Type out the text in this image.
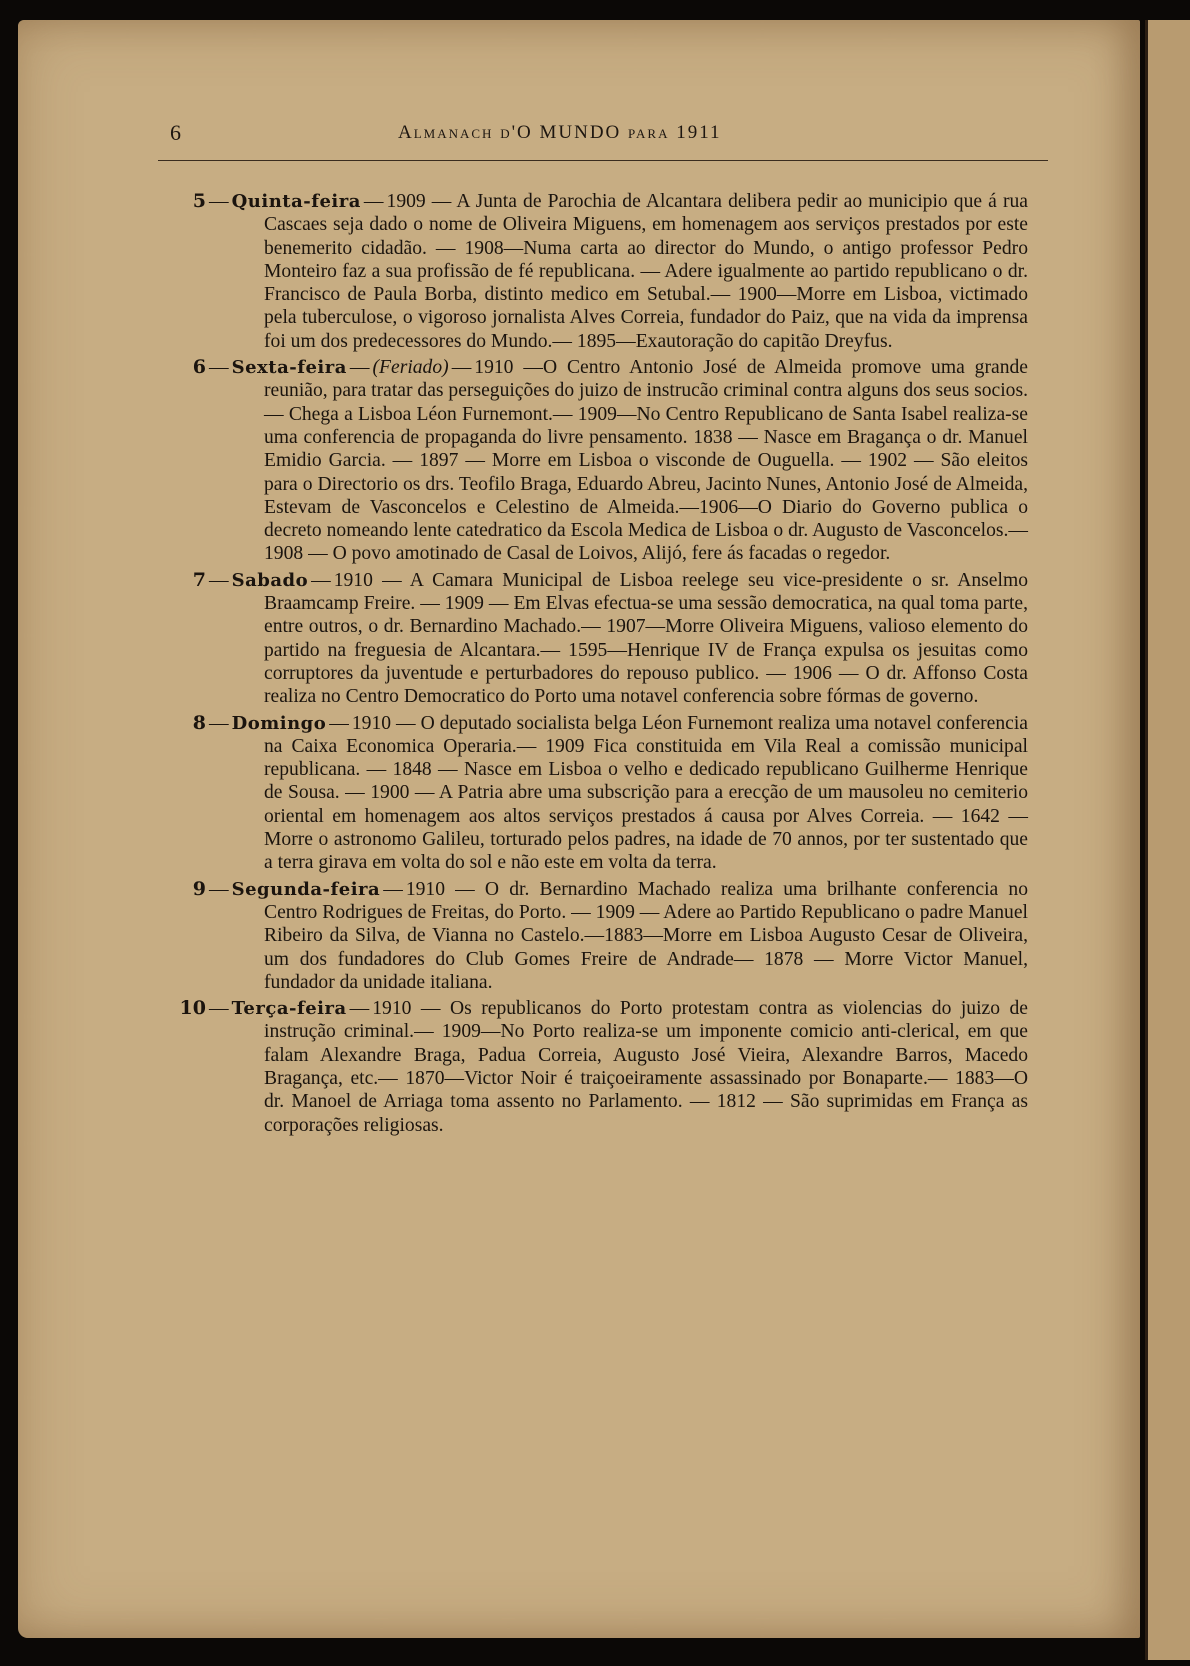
6	Almanach d'O MUNDO para 1911

5 — Quinta-feira — 1909 — A Junta de Parochia de Alcantara delibera pedir ao municipio que á rua Cascaes seja dado o nome de Oliveira Miguens, em homenagem aos serviços prestados por este benemerito cidadão. — 1908—Numa carta ao director do Mundo, o antigo professor Pedro Monteiro faz a sua profissão de fé republicana. — Adere igualmente ao partido republicano o dr. Francisco de Paula Borba, distinto medico em Setubal.— 1900—Morre em Lisboa, victimado pela tuberculose, o vigoroso jornalista Alves Correia, fundador do Paiz, que na vida da imprensa foi um dos predecessores do Mundo.— 1895—Exautoração do capitão Dreyfus.

6 — Sexta-feira — (Feriado) — 1910 —O Centro Antonio José de Almeida promove uma grande reunião, para tratar das perseguições do juizo de instrucão criminal contra alguns dos seus socios. — Chega a Lisboa Léon Furnemont.— 1909—No Centro Republicano de Santa Isabel realiza-se uma conferencia de propaganda do livre pensamento. 1838 — Nasce em Bragança o dr. Manuel Emidio Garcia. — 1897 — Morre em Lisboa o visconde de Ouguella. — 1902 — São eleitos para o Directorio os drs. Teofilo Braga, Eduardo Abreu, Jacinto Nunes, Antonio José de Almeida, Estevam de Vasconcelos e Celestino de Almeida.—1906—O Diario do Governo publica o decreto nomeando lente catedratico da Escola Medica de Lisboa o dr. Augusto de Vasconcelos.— 1908 — O povo amotinado de Casal de Loivos, Alijó, fere ás facadas o regedor.

7 — Sabado — 1910 — A Camara Municipal de Lisboa reelege seu vice-presidente o sr. Anselmo Braamcamp Freire. — 1909 — Em Elvas efectua-se uma sessão democratica, na qual toma parte, entre outros, o dr. Bernardino Machado.— 1907—Morre Oliveira Miguens, valioso elemento do partido na freguesia de Alcantara.— 1595—Henrique IV de França expulsa os jesuitas como corruptores da juventude e perturbadores do repouso publico. — 1906 — O dr. Affonso Costa realiza no Centro Democratico do Porto uma notavel conferencia sobre fórmas de governo.

8 — Domingo — 1910 — O deputado socialista belga Léon Furnemont realiza uma notavel conferencia na Caixa Economica Operaria.— 1909 Fica constituida em Vila Real a comissão municipal republicana. — 1848 — Nasce em Lisboa o velho e dedicado republicano Guilherme Henrique de Sousa. — 1900 — A Patria abre uma subscrição para a erecção de um mausoleu no cemiterio oriental em homenagem aos altos serviços prestados á causa por Alves Correia. — 1642 — Morre o astronomo Galileu, torturado pelos padres, na idade de 70 annos, por ter sustentado que a terra girava em volta do sol e não este em volta da terra.

9 — Segunda-feira — 1910 — O dr. Bernardino Machado realiza uma brilhante conferencia no Centro Rodrigues de Freitas, do Porto. — 1909 — Adere ao Partido Republicano o padre Manuel Ribeiro da Silva, de Vianna no Castelo.—1883—Morre em Lisboa Augusto Cesar de Oliveira, um dos fundadores do Club Gomes Freire de Andrade— 1878 — Morre Victor Manuel, fundador da unidade italiana.

10 — Terça-feira — 1910 — Os republicanos do Porto protestam contra as violencias do juizo de instrução criminal.— 1909—No Porto realiza-se um imponente comicio anti-clerical, em que falam Alexandre Braga, Padua Correia, Augusto José Vieira, Alexandre Barros, Macedo Bragança, etc.— 1870—Victor Noir é traiçoeiramente assassinado por Bonaparte.— 1883—O dr. Manoel de Arriaga toma assento no Parlamento. — 1812 — São suprimidas em França as corporações religiosas.
